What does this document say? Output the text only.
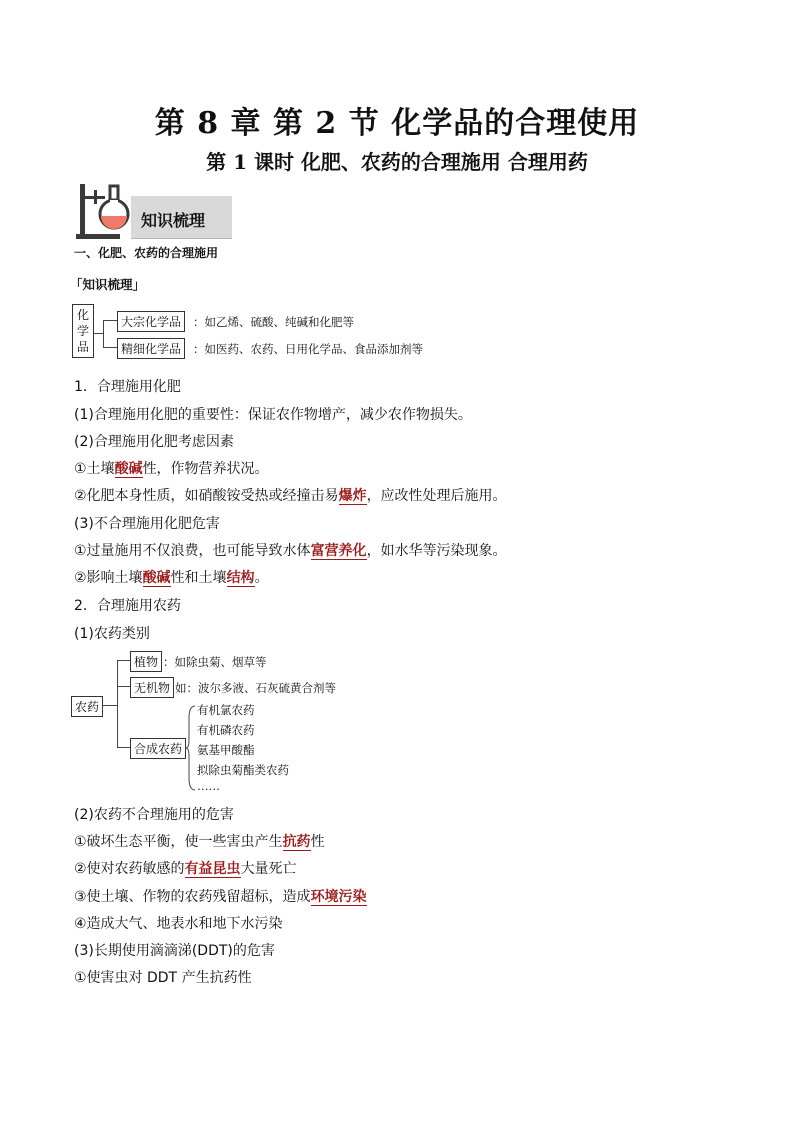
第 8 章 第 2 节 化学品的合理使用
第 1 课时 化肥、农药的合理施用 合理用药
知识梳理
一、化肥、农药的合理施用
「知识梳理」
化
学
品
大宗化学品	：如乙烯、硫酸、纯碱和化肥等
精细化学品	：如医药、农药、日用化学品、食品添加剂等
1．合理施用化肥
(1)合理施用化肥的重要性：保证农作物增产，减少农作物损失。
(2)合理施用化肥考虑因素
①土壤酸碱性，作物营养状况。
②化肥本身性质，如硝酸铵受热或经撞击易爆炸，应改性处理后施用。
(3)不合理施用化肥危害
①过量施用不仅浪费，也可能导致水体富营养化，如水华等污染现象。
②影响土壤酸碱性和土壤结构。
2．合理施用农药
(1)农药类别
农药
植物 ：如除虫菊、烟草等
无机物 如：波尔多液、石灰硫黄合剂等
合成农药
有机氯农药
有机磷农药
氨基甲酸酯
拟除虫菊酯类农药
……
(2)农药不合理施用的危害
①破坏生态平衡，使一些害虫产生抗药性
②使对农药敏感的有益昆虫大量死亡
③使土壤、作物的农药残留超标，造成环境污染
④造成大气、地表水和地下水污染
(3)长期使用滴滴涕(DDT)的危害
①使害虫对 DDT 产生抗药性
